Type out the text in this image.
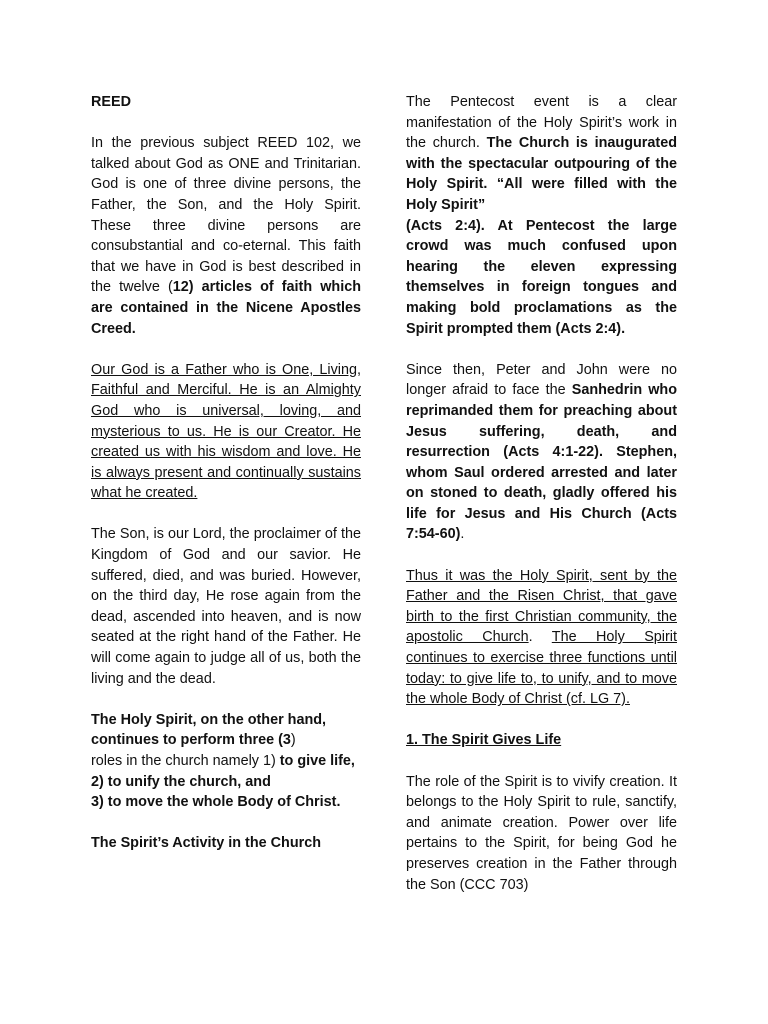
REED

In the previous subject REED 102, we talked about God as ONE and Trinitarian. God is one of three divine persons, the Father, the Son, and the Holy Spirit. These three divine persons are consubstantial and co-eternal. This faith that we have in God is best described in the twelve (12) articles of faith which are contained in the Nicene Apostles Creed.

Our God is a Father who is One, Living, Faithful and Merciful. He is an Almighty God who is universal, loving, and mysterious to us. He is our Creator. He created us with his wisdom and love. He is always present and continually sustains what he created.

The Son, is our Lord, the proclaimer of the Kingdom of God and our savior. He suffered, died, and was buried. However, on the third day, He rose again from the dead, ascended into heaven, and is now seated at the right hand of the Father. He will come again to judge all of us, both the living and the dead.

The Holy Spirit, on the other hand, continues to perform three (3)
roles in the church namely 1) to give life,
2) to unify the church, and
3) to move the whole Body of Christ.

The Spirit’s Activity in the Church

The Pentecost event is a clear manifestation of the Holy Spirit’s work in the church. The Church is inaugurated with the spectacular outpouring of the Holy Spirit. “All were filled with the Holy Spirit”
(Acts 2:4). At Pentecost the large crowd was much confused upon hearing the eleven expressing themselves in foreign tongues and making bold proclamations as the Spirit prompted them (Acts 2:4).

Since then, Peter and John were no longer afraid to face the Sanhedrin who reprimanded them for preaching about Jesus suffering, death, and resurrection (Acts 4:1-22). Stephen, whom Saul ordered arrested and later on stoned to death, gladly offered his life for Jesus and His Church (Acts 7:54-60).

Thus it was the Holy Spirit, sent by the Father and the Risen Christ, that gave birth to the first Christian community, the apostolic Church. The Holy Spirit continues to exercise three functions until today: to give life to, to unify, and to move the whole Body of Christ (cf. LG 7).

1. The Spirit Gives Life

The role of the Spirit is to vivify creation. It belongs to the Holy Spirit to rule, sanctify, and animate creation. Power over life pertains to the Spirit, for being God he preserves creation in the Father through the Son (CCC 703)
